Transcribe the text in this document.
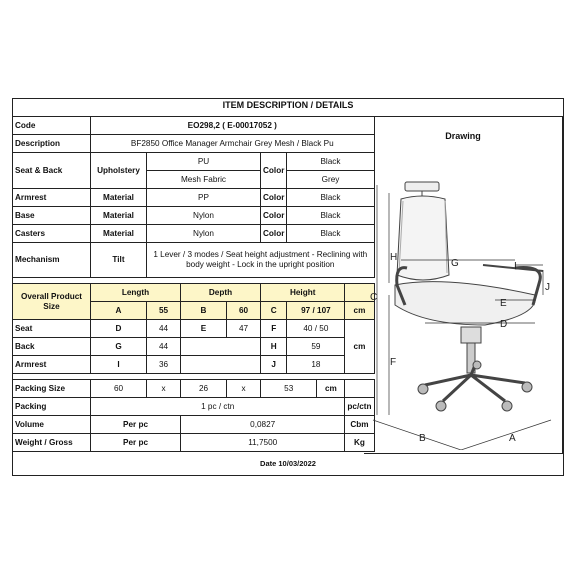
ITEM DESCRIPTION / DETAILS
Drawing
Code	EO298,2 ( E-00017052 )							
Description	BF2850 Office Manager Armchair Grey Mesh / Black Pu							
Seat & Back	Upholstery	PU			Color	Black		
		Mesh Fabric				Grey		
Armrest	Material	PP			Color	Black		
Base	Material	Nylon			Color	Black		
Casters	Material	Nylon			Color	Black		
Mechanism	Tilt	1 Lever / 3 modes / Seat height adjustment - Reclining with body weight - Lock in the upright position						

Overall Product Size	Length		Depth		Height			
	A	55	B	60	C	97 / 107		cm
Seat	D	44	E	47	F	40 / 50		cm
Back	G	44			H	59		
Armrest	I	36			J	18		

Packing Size	60	x	26	x	53		cm	
Packing	1 pc / ctn							pc/ctn
Volume	Per pc		0,0827					Cbm
Weight / Gross	Per pc		11,7500					Kg
Date 10/03/2022
C
H
F
G	I
J
E
D
B	A
